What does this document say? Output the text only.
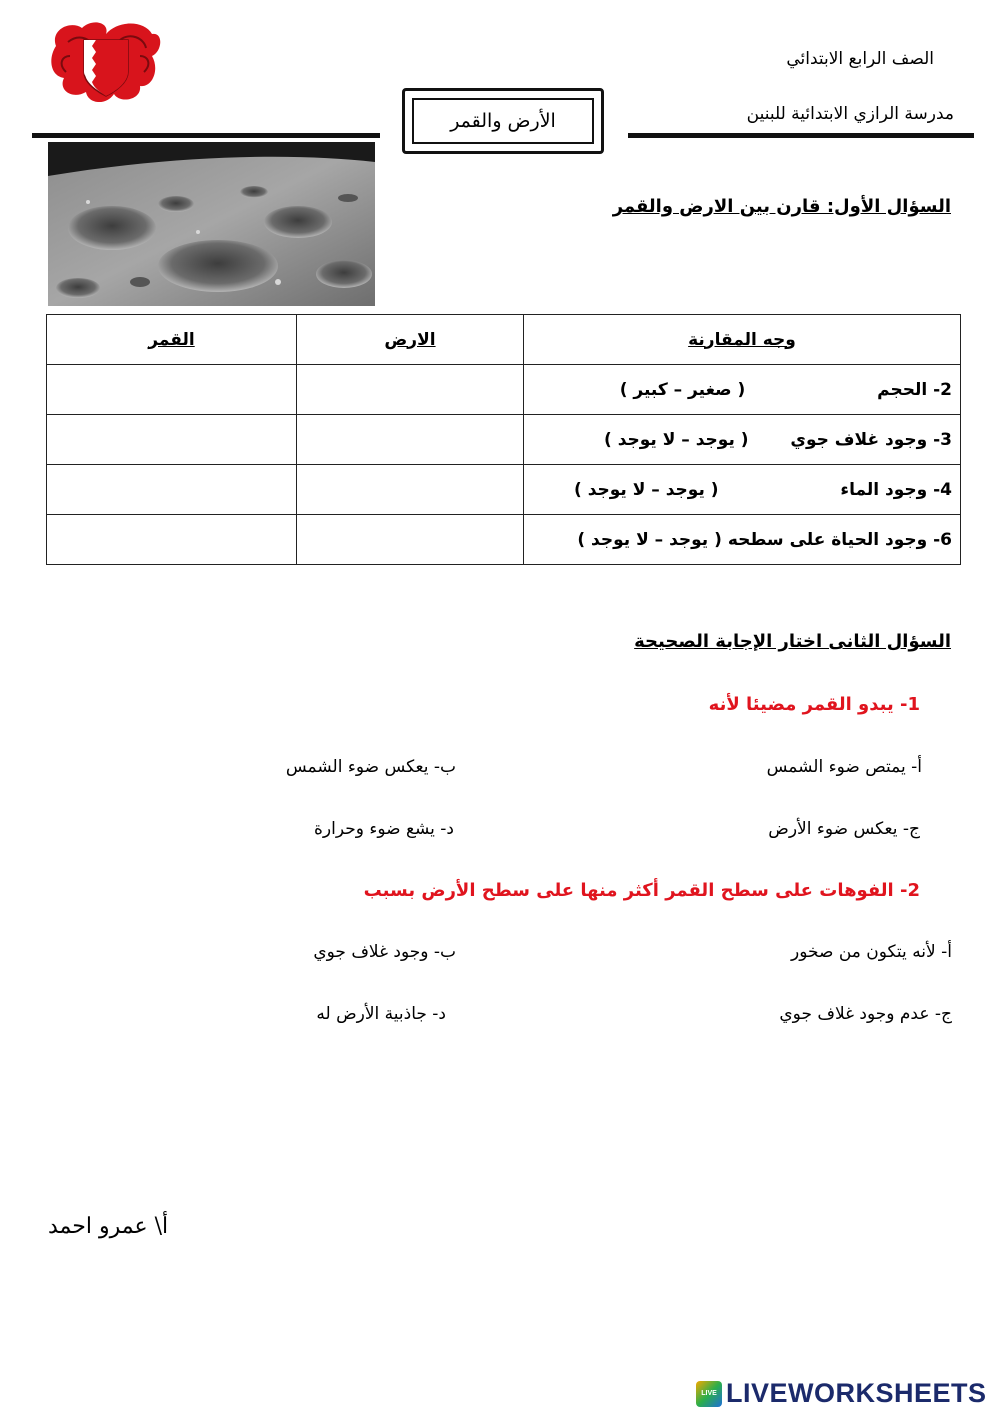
الصف الرابع الابتدائي
مدرسة الرازي الابتدائية للبنين
الأرض والقمر
السؤال الأول: قارن بين الارض والقمر
وجه المقارنة	الارض	القمر
2- الحجم  ( صغير – كبير )		
3- وجود غلاف جوي  ( يوجد – لا يوجد )		
4- وجود الماء  ( يوجد – لا يوجد )		
6- وجود الحياة على سطحه ( يوجد – لا يوجد )		
السؤال الثانى اختار الإجابة الصحيحة
1- يبدو القمر مضيئا لأنه
أ- يمتص ضوء الشمس
ب- يعكس ضوء الشمس
ج- يعكس ضوء الأرض
د- يشع ضوء وحرارة
2- الفوهات على سطح القمر أكثر منها على سطح الأرض بسبب
أ- لأنه يتكون من صخور
ب- وجود غلاف جوي
ج- عدم وجود غلاف جوي
د- جاذبية الأرض له
أ\ عمرو احمد
LIVE LIVEWORKSHEETS
